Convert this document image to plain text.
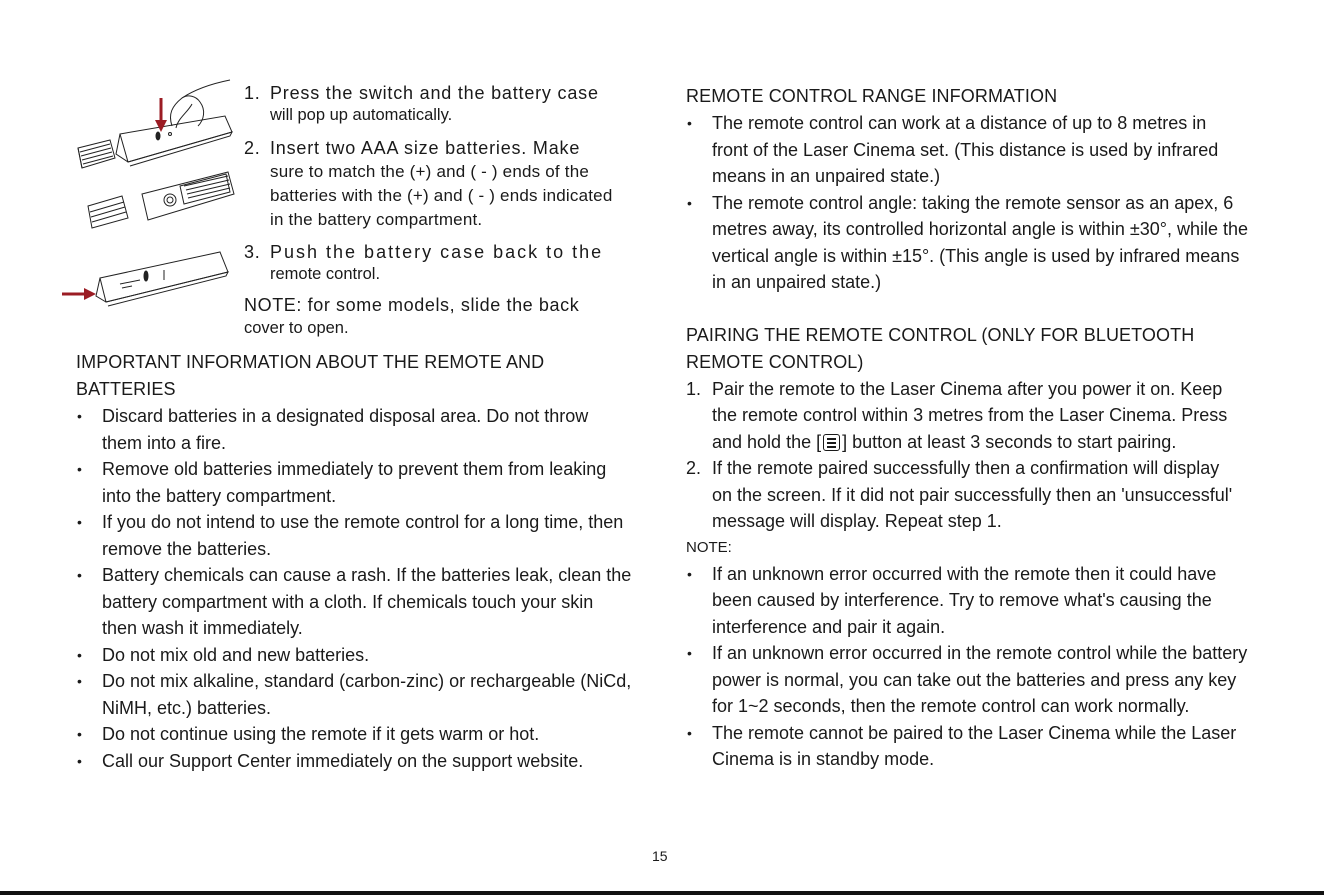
1. Press the switch and the battery case
will pop up automatically.
2. Insert two AAA size batteries. Make
sure to match the (+) and ( - ) ends of the batteries with the (+) and ( - ) ends indicated in the battery compartment.
3. Push the battery case back to the
remote control.
NOTE: for some models, slide the back
cover to open.
IMPORTANT INFORMATION ABOUT THE REMOTE AND BATTERIES
• Discard batteries in a designated disposal area. Do not throw them into a fire.
• Remove old batteries immediately to prevent them from leaking into the battery compartment.
• If you do not intend to use the remote control for a long time, then remove the batteries.
• Battery chemicals can cause a rash. If the batteries leak, clean the battery compartment with a cloth. If chemicals touch your skin then wash it immediately.
• Do not mix old and new batteries.
• Do not mix alkaline, standard (carbon-zinc) or rechargeable (NiCd, NiMH, etc.) batteries.
• Do not continue using the remote if it gets warm or hot.
• Call our Support Center immediately on the support website.
REMOTE CONTROL RANGE INFORMATION
• The remote control can work at a distance of up to 8 metres in front of the Laser Cinema set. (This distance is used by infrared means in an unpaired state.)
• The remote control angle: taking the remote sensor as an apex, 6 metres away, its controlled horizontal angle is within ±30°, while the vertical angle is within ±15°. (This angle is used by infrared means in an unpaired state.)
PAIRING THE REMOTE CONTROL (ONLY FOR BLUETOOTH REMOTE CONTROL)
1. Pair the remote to the Laser Cinema after you power it on. Keep the remote control within 3 metres from the Laser Cinema. Press and hold the [ ] button at least 3 seconds to start pairing.
2. If the remote paired successfully then a confirmation will display on the screen. If it did not pair successfully then an 'unsuccessful' message will display. Repeat step 1.
NOTE:
• If an unknown error occurred with the remote then it could have been caused by interference. Try to remove what's causing the interference and pair it again.
• If an unknown error occurred in the remote control while the battery power is normal, you can take out the batteries and press any key for 1~2 seconds, then the remote control can work normally.
• The remote cannot be paired to the Laser Cinema while the Laser Cinema is in standby mode.
15
